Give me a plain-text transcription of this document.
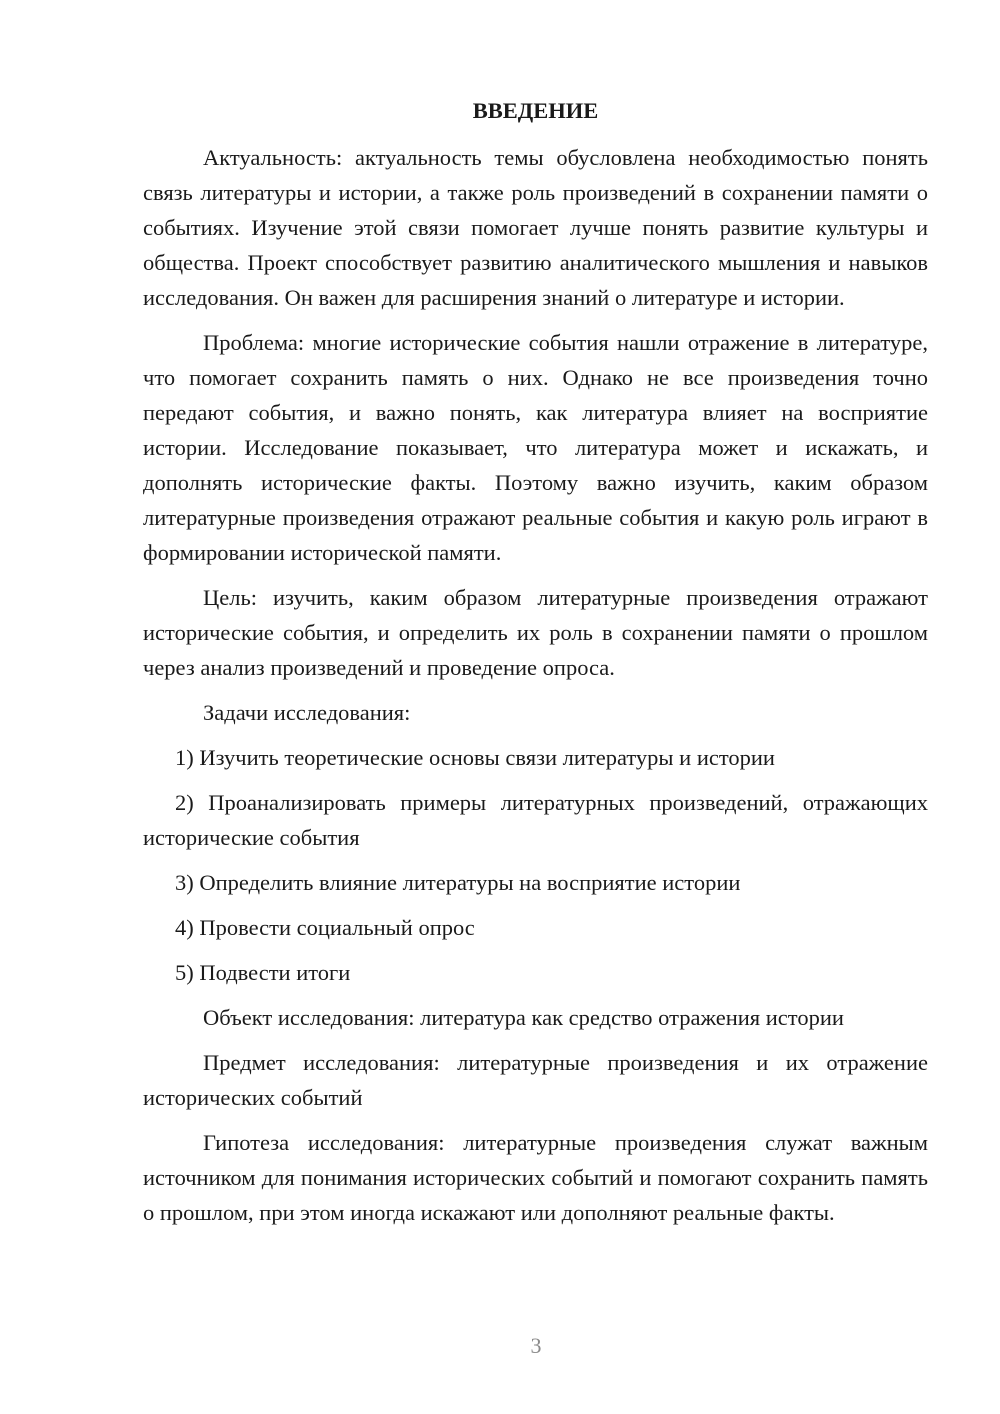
ВВЕДЕНИЕ

Актуальность: актуальность темы обусловлена необходимостью понять связь литературы и истории, а также роль произведений в сохранении памяти о событиях. Изучение этой связи помогает лучше понять развитие культуры и общества. Проект способствует развитию аналитического мышления и навыков исследования. Он важен для расширения знаний о литературе и истории.

Проблема: многие исторические события нашли отражение в литературе, что помогает сохранить память о них. Однако не все произведения точно передают события, и важно понять, как литература влияет на восприятие истории. Исследование показывает, что литература может и искажать, и дополнять исторические факты. Поэтому важно изучить, каким образом литературные произведения отражают реальные события и какую роль играют в формировании исторической памяти.

Цель: изучить, каким образом литературные произведения отражают исторические события, и определить их роль в сохранении памяти о прошлом через анализ произведений и проведение опроса.

Задачи исследования:

1) Изучить теоретические основы связи литературы и истории

2) Проанализировать примеры литературных произведений, отражающих исторические события

3) Определить влияние литературы на восприятие истории

4) Провести социальный опрос

5) Подвести итоги

Объект исследования: литература как средство отражения истории

Предмет исследования: литературные произведения и их отражение исторических событий

Гипотеза исследования: литературные произведения служат важным источником для понимания исторических событий и помогают сохранить память о прошлом, при этом иногда искажают или дополняют реальные факты.

3
